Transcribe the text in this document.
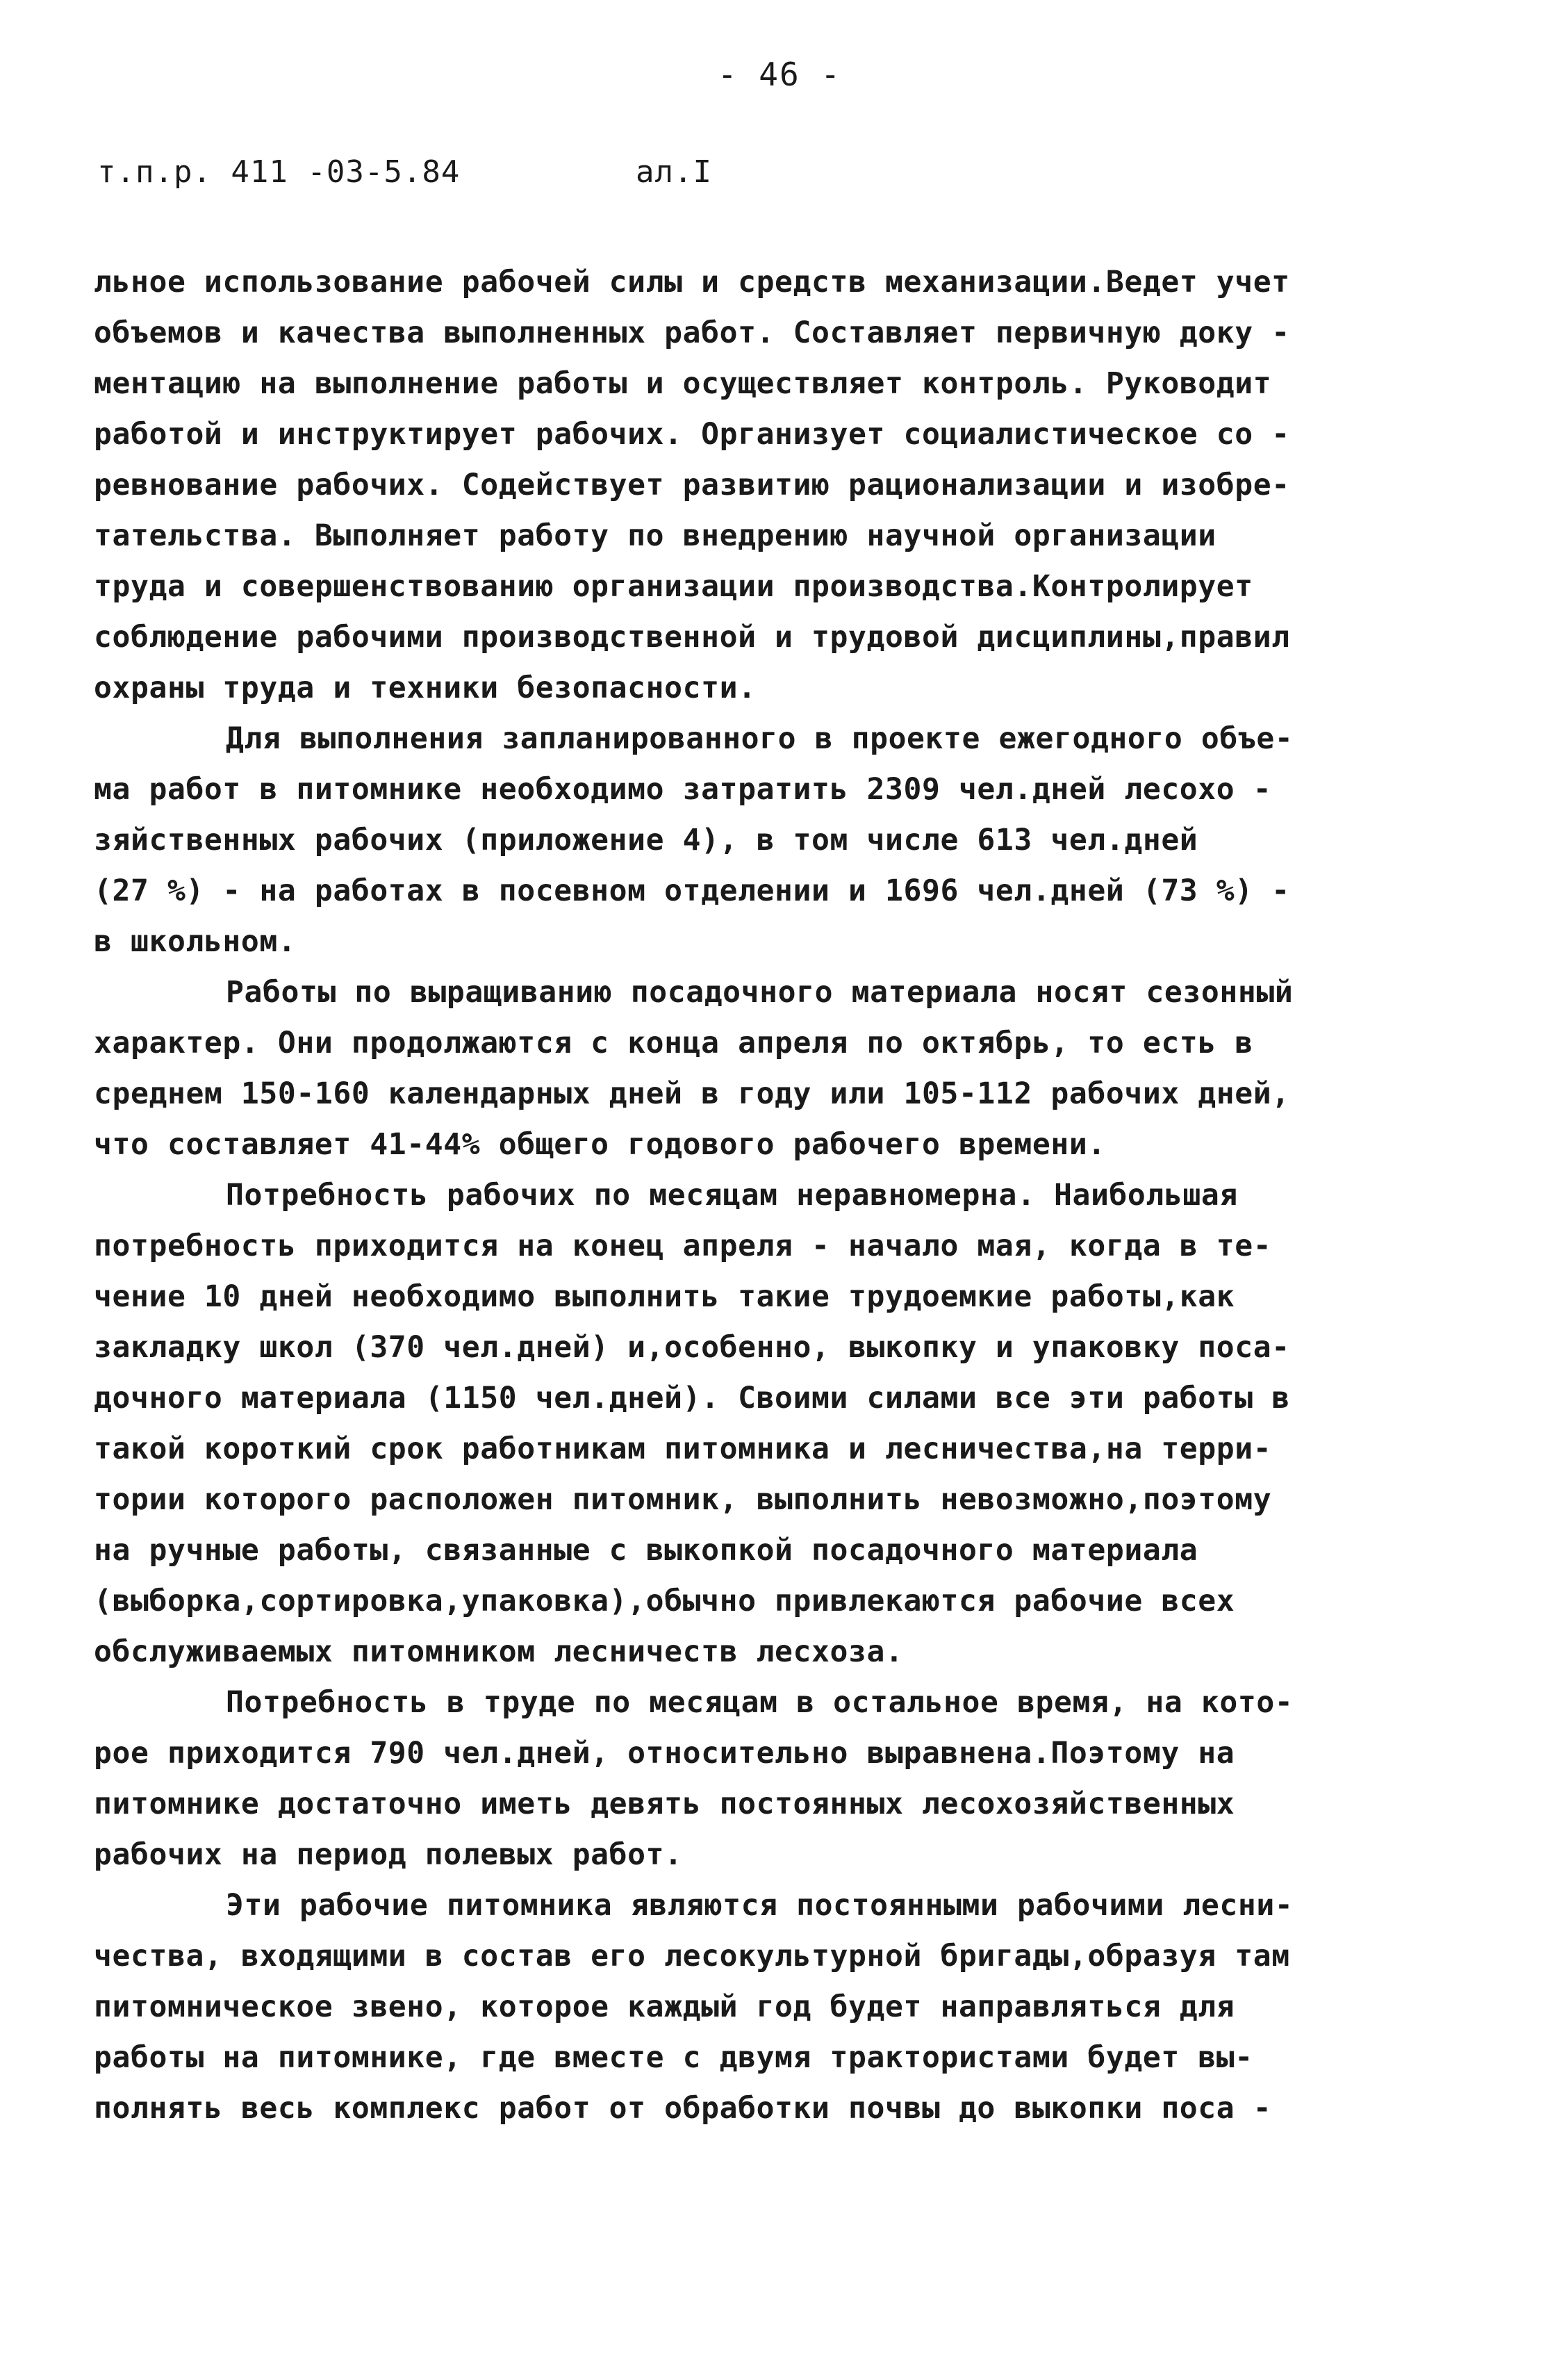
- 46 -
т.п.р. 411 -03-5.84	ал.I
льное использование рабочей силы и средств механизации.Ведет учет
объемов и качества выполненных работ. Составляет первичную доку -
ментацию на выполнение работы и осуществляет контроль. Руководит
работой и инструктирует рабочих. Организует социалистическое со -
ревнование рабочих. Содействует развитию рационализации и изобре-
тательства. Выполняет работу по внедрению научной организации
труда и совершенствованию организации производства.Контролирует
соблюдение рабочими производственной и трудовой дисциплины,правил
охраны труда и техники безопасности.
Для выполнения запланированного в проекте ежегодного объе-
ма работ в питомнике необходимо затратить 2309 чел.дней лесохо -
зяйственных рабочих (приложение 4), в том числе 613 чел.дней
(27 %) - на работах в посевном отделении и 1696 чел.дней (73 %) -
в школьном.
Работы по выращиванию посадочного материала носят сезонный
характер. Они продолжаются с конца апреля по октябрь, то есть в
среднем 150-160 календарных дней в году или 105-112 рабочих дней,
что составляет 41-44% общего годового рабочего времени.
Потребность рабочих по месяцам неравномерна. Наибольшая
потребность приходится на конец апреля - начало мая, когда в те-
чение 10 дней необходимо выполнить такие трудоемкие работы,как
закладку школ (370 чел.дней) и,особенно, выкопку и упаковку поса-
дочного материала (1150 чел.дней). Своими силами все эти работы в
такой короткий срок работникам питомника и лесничества,на терри-
тории которого расположен питомник, выполнить невозможно,поэтому
на ручные работы, связанные с выкопкой посадочного материала
(выборка,сортировка,упаковка),обычно привлекаются рабочие всех
обслуживаемых питомником лесничеств лесхоза.
Потребность в труде по месяцам в остальное время, на кото-
рое приходится 790 чел.дней, относительно выравнена.Поэтому на
питомнике достаточно иметь девять постоянных лесохозяйственных
рабочих на период полевых работ.
Эти рабочие питомника являются постоянными рабочими лесни-
чества, входящими в состав его лесокультурной бригады,образуя там
питомническое звено, которое каждый год будет направляться для
работы на питомнике, где вместе с двумя трактористами будет вы-
полнять весь комплекс работ от обработки почвы до выкопки поса -
